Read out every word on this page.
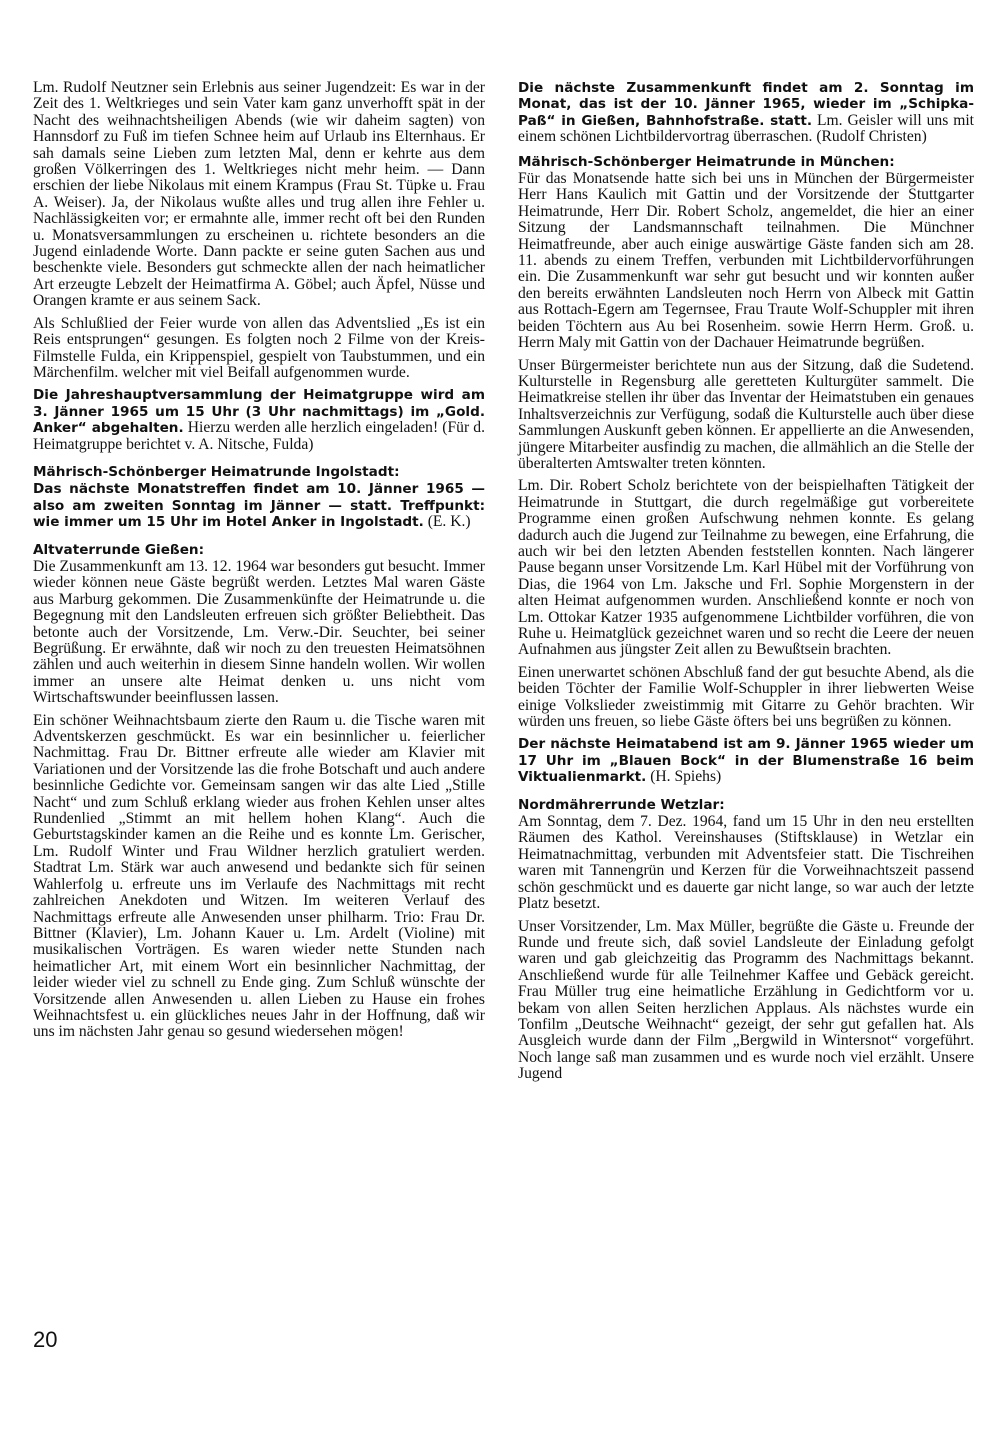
Lm. Rudolf Neutzner sein Erlebnis aus seiner Jugendzeit: Es war in der Zeit des 1. Weltkrieges und sein Vater kam ganz unverhofft spät in der Nacht des weihnachtsheiligen Abends (wie wir daheim sagten) von Hannsdorf zu Fuß im tiefen Schnee heim auf Urlaub ins Elternhaus. Er sah damals seine Lieben zum letzten Mal, denn er kehrte aus dem großen Völkerringen des 1. Weltkrieges nicht mehr heim. — Dann erschien der liebe Nikolaus mit einem Krampus (Frau St. Tüpke u. Frau A. Weiser). Ja, der Nikolaus wußte alles und trug allen ihre Fehler u. Nachlässigkeiten vor; er ermahnte alle, immer recht oft bei den Runden u. Monatsversammlungen zu erscheinen u. richtete besonders an die Jugend einladende Worte. Dann packte er seine guten Sachen aus und beschenkte viele. Besonders gut schmeckte allen der nach heimatlicher Art erzeugte Lebzelt der Heimatfirma A. Göbel; auch Äpfel, Nüsse und Orangen kramte er aus seinem Sack.

Als Schlußlied der Feier wurde von allen das Adventslied „Es ist ein Reis entsprungen“ gesungen. Es folgten noch 2 Filme von der Kreis-Filmstelle Fulda, ein Krippenspiel, gespielt von Taubstummen, und ein Märchenfilm. welcher mit viel Beifall aufgenommen wurde.

Die Jahreshauptversammlung der Heimatgruppe wird am 3. Jänner 1965 um 15 Uhr (3 Uhr nachmittags) im „Gold. Anker“ abgehalten. Hierzu werden alle herzlich eingeladen! (Für d. Heimatgruppe berichtet v. A. Nitsche, Fulda)

Mährisch-Schönberger Heimatrunde Ingolstadt:

Das nächste Monatstreffen findet am 10. Jänner 1965 — also am zweiten Sonntag im Jänner — statt. Treffpunkt: wie immer um 15 Uhr im Hotel Anker in Ingolstadt. (E. K.)

Altvaterrunde Gießen:

Die Zusammenkunft am 13. 12. 1964 war besonders gut besucht. Immer wieder können neue Gäste begrüßt werden. Letztes Mal waren Gäste aus Marburg gekommen. Die Zusammenkünfte der Heimatrunde u. die Begegnung mit den Landsleuten erfreuen sich größter Beliebtheit. Das betonte auch der Vorsitzende, Lm. Verw.-Dir. Seuchter, bei seiner Begrüßung. Er erwähnte, daß wir noch zu den treuesten Heimatsöhnen zählen und auch weiterhin in diesem Sinne handeln wollen. Wir wollen immer an unsere alte Heimat denken u. uns nicht vom Wirtschaftswunder beeinflussen lassen.

Ein schöner Weihnachtsbaum zierte den Raum u. die Tische waren mit Adventskerzen geschmückt. Es war ein besinnlicher u. feierlicher Nachmittag. Frau Dr. Bittner erfreute alle wieder am Klavier mit Variationen und der Vorsitzende las die frohe Botschaft und auch andere besinnliche Gedichte vor. Gemeinsam sangen wir das alte Lied „Stille Nacht“ und zum Schluß erklang wieder aus frohen Kehlen unser altes Rundenlied „Stimmt an mit hellem hohen Klang“. Auch die Geburtstagskinder kamen an die Reihe und es konnte Lm. Gerischer, Lm. Rudolf Winter und Frau Wildner herzlich gratuliert werden. Stadtrat Lm. Stärk war auch anwesend und bedankte sich für seinen Wahlerfolg u. erfreute uns im Verlaufe des Nachmittags mit recht zahlreichen Anekdoten und Witzen. Im weiteren Verlauf des Nachmittags erfreute alle Anwesenden unser philharm. Trio: Frau Dr. Bittner (Klavier), Lm. Johann Kauer u. Lm. Ardelt (Violine) mit musikalischen Vorträgen. Es waren wieder nette Stunden nach heimatlicher Art, mit einem Wort ein besinnlicher Nachmittag, der leider wieder viel zu schnell zu Ende ging. Zum Schluß wünschte der Vorsitzende allen Anwesenden u. allen Lieben zu Hause ein frohes Weihnachtsfest u. ein glückliches neues Jahr in der Hoffnung, daß wir uns im nächsten Jahr genau so gesund wiedersehen mögen!

Die nächste Zusammenkunft findet am 2. Sonntag im Monat, das ist der 10. Jänner 1965, wieder im „Schipka-Paß“ in Gießen, Bahnhofstraße. statt. Lm. Geisler will uns mit einem schönen Lichtbildervortrag überraschen. (Rudolf Christen)

Mährisch-Schönberger Heimatrunde in München:

Für das Monatsende hatte sich bei uns in München der Bürgermeister Herr Hans Kaulich mit Gattin und der Vorsitzende der Stuttgarter Heimatrunde, Herr Dir. Robert Scholz, angemeldet, die hier an einer Sitzung der Landsmannschaft teilnahmen. Die Münchner Heimatfreunde, aber auch einige auswärtige Gäste fanden sich am 28. 11. abends zu einem Treffen, verbunden mit Lichtbildervorführungen ein. Die Zusammenkunft war sehr gut besucht und wir konnten außer den bereits erwähnten Landsleuten noch Herrn von Albeck mit Gattin aus Rottach-Egern am Tegernsee, Frau Traute Wolf-Schuppler mit ihren beiden Töchtern aus Au bei Rosenheim. sowie Herrn Herm. Groß. u. Herrn Maly mit Gattin von der Dachauer Heimatrunde begrüßen.

Unser Bürgermeister berichtete nun aus der Sitzung, daß die Sudetend. Kulturstelle in Regensburg alle geretteten Kulturgüter sammelt. Die Heimatkreise stellen ihr über das Inventar der Heimatstuben ein genaues Inhaltsverzeichnis zur Verfügung, sodaß die Kulturstelle auch über diese Sammlungen Auskunft geben können. Er appellierte an die Anwesenden, jüngere Mitarbeiter ausfindig zu machen, die allmählich an die Stelle der überalterten Amtswalter treten könnten.

Lm. Dir. Robert Scholz berichtete von der beispielhaften Tätigkeit der Heimatrunde in Stuttgart, die durch regelmäßige gut vorbereitete Programme einen großen Aufschwung nehmen konnte. Es gelang dadurch auch die Jugend zur Teilnahme zu bewegen, eine Erfahrung, die auch wir bei den letzten Abenden feststellen konnten. Nach längerer Pause begann unser Vorsitzende Lm. Karl Hübel mit der Vorführung von Dias, die 1964 von Lm. Jaksche und Frl. Sophie Morgenstern in der alten Heimat aufgenommen wurden. Anschließend konnte er noch von Lm. Ottokar Katzer 1935 aufgenommene Lichtbilder vorführen, die von Ruhe u. Heimatglück gezeichnet waren und so recht die Leere der neuen Aufnahmen aus jüngster Zeit allen zu Bewußtsein brachten.

Einen unerwartet schönen Abschluß fand der gut besuchte Abend, als die beiden Töchter der Familie Wolf-Schuppler in ihrer liebwerten Weise einige Volkslieder zweistimmig mit Gitarre zu Gehör brachten. Wir würden uns freuen, so liebe Gäste öfters bei uns begrüßen zu können.

Der nächste Heimatabend ist am 9. Jänner 1965 wieder um 17 Uhr im „Blauen Bock“ in der Blumenstraße 16 beim Viktualienmarkt. (H. Spiehs)

Nordmährerrunde Wetzlar:

Am Sonntag, dem 7. Dez. 1964, fand um 15 Uhr in den neu erstellten Räumen des Kathol. Vereinshauses (Stiftsklause) in Wetzlar ein Heimatnachmittag, verbunden mit Adventsfeier statt. Die Tischreihen waren mit Tannengrün und Kerzen für die Vorweihnachtszeit passend schön geschmückt und es dauerte gar nicht lange, so war auch der letzte Platz besetzt.

Unser Vorsitzender, Lm. Max Müller, begrüßte die Gäste u. Freunde der Runde und freute sich, daß soviel Landsleute der Einladung gefolgt waren und gab gleichzeitig das Programm des Nachmittags bekannt. Anschließend wurde für alle Teilnehmer Kaffee und Gebäck gereicht. Frau Müller trug eine heimatliche Erzählung in Gedichtform vor u. bekam von allen Seiten herzlichen Applaus. Als nächstes wurde ein Tonfilm „Deutsche Weihnacht“ gezeigt, der sehr gut gefallen hat. Als Ausgleich wurde dann der Film „Bergwild in Wintersnot“ vorgeführt. Noch lange saß man zusammen und es wurde noch viel erzählt. Unsere Jugend

20
